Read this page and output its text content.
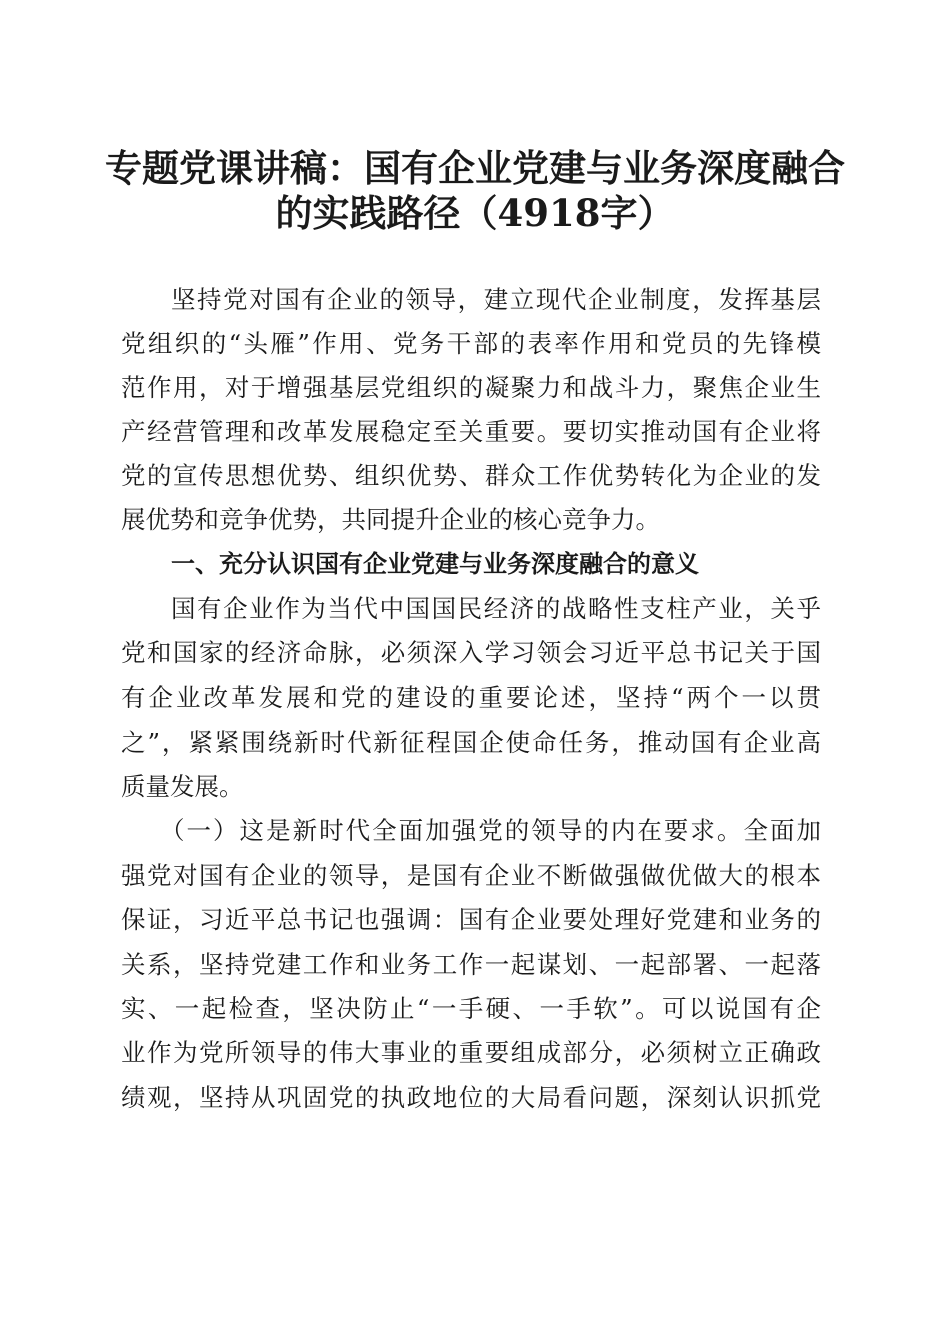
专题党课讲稿：国有企业党建与业务深度融合
的实践路径（4918字）
坚持党对国有企业的领导，建立现代企业制度，发挥基层
党组织的“头雁”作用、党务干部的表率作用和党员的先锋模
范作用，对于增强基层党组织的凝聚力和战斗力，聚焦企业生
产经营管理和改革发展稳定至关重要。要切实推动国有企业将
党的宣传思想优势、组织优势、群众工作优势转化为企业的发
展优势和竞争优势，共同提升企业的核心竞争力。
一、充分认识国有企业党建与业务深度融合的意义
国有企业作为当代中国国民经济的战略性支柱产业，关乎
党和国家的经济命脉，必须深入学习领会习近平总书记关于国
有企业改革发展和党的建设的重要论述，坚持“两个一以贯
之”，紧紧围绕新时代新征程国企使命任务，推动国有企业高
质量发展。
（一）这是新时代全面加强党的领导的内在要求。全面加
强党对国有企业的领导，是国有企业不断做强做优做大的根本
保证，习近平总书记也强调：国有企业要处理好党建和业务的
关系，坚持党建工作和业务工作一起谋划、一起部署、一起落
实、一起检查，坚决防止“一手硬、一手软”。可以说国有企
业作为党所领导的伟大事业的重要组成部分，必须树立正确政
绩观，坚持从巩固党的执政地位的大局看问题，深刻认识抓党
